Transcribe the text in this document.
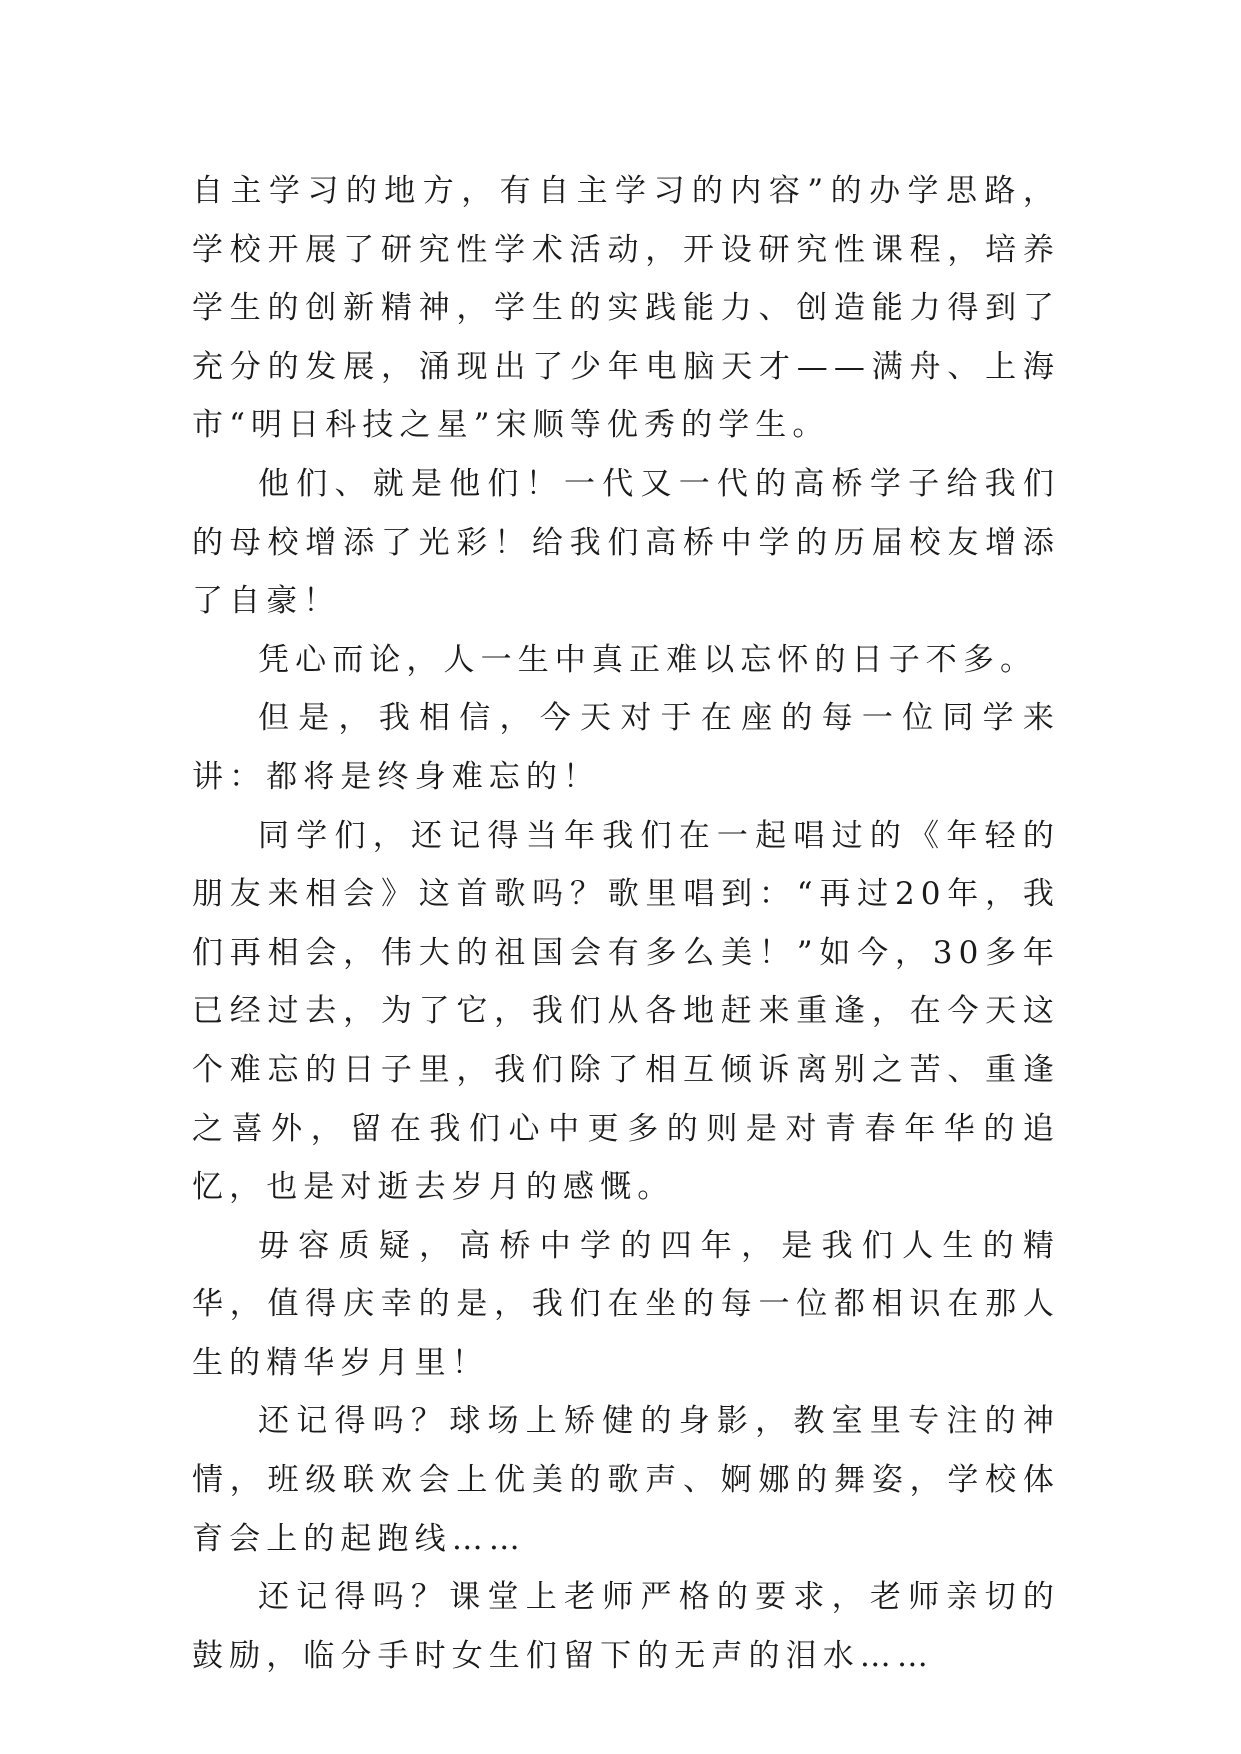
自主学习的地方，有自主学习的内容”的办学思路，学校开展了研究性学术活动，开设研究性课程，培养学生的创新精神，学生的实践能力、创造能力得到了充分的发展，涌现出了少年电脑天才——满舟、上海市“明日科技之星”宋顺等优秀的学生。

他们、就是他们！一代又一代的高桥学子给我们的母校增添了光彩！给我们高桥中学的历届校友增添了自豪！

凭心而论，人一生中真正难以忘怀的日子不多。

但是，我相信，今天对于在座的每一位同学来讲：都将是终身难忘的！

同学们，还记得当年我们在一起唱过的《年轻的朋友来相会》这首歌吗？歌里唱到：“再过20年，我们再相会，伟大的祖国会有多么美！”如今，30多年已经过去，为了它，我们从各地赶来重逢，在今天这个难忘的日子里，我们除了相互倾诉离别之苦、重逢之喜外，留在我们心中更多的则是对青春年华的追忆，也是对逝去岁月的感慨。

毋容质疑，高桥中学的四年，是我们人生的精华，值得庆幸的是，我们在坐的每一位都相识在那人生的精华岁月里！

还记得吗？球场上矫健的身影，教室里专注的神情，班级联欢会上优美的歌声、婀娜的舞姿，学校体育会上的起跑线……

还记得吗？课堂上老师严格的要求，老师亲切的鼓励，临分手时女生们留下的无声的泪水……
